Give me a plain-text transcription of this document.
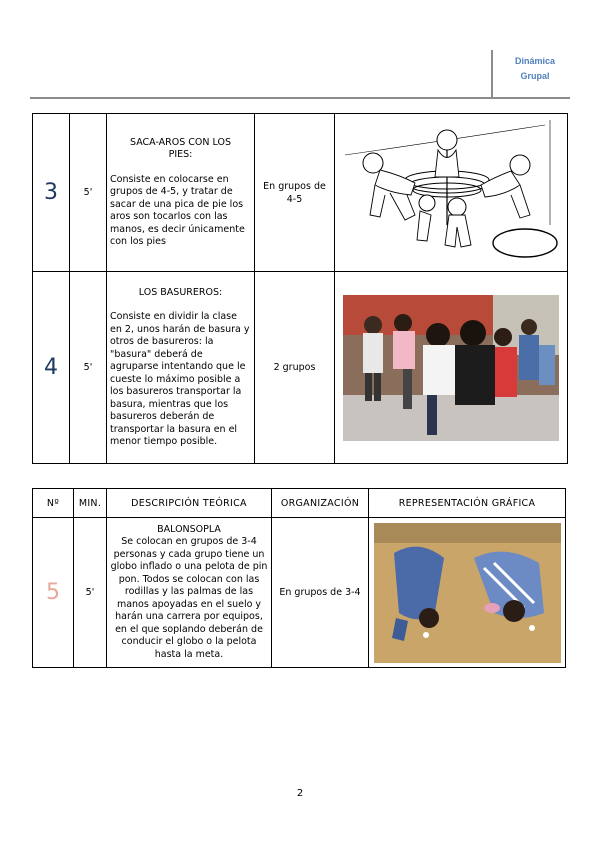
Dinámica
Grupal
3	5'	SACA-AROS CON LOS PIES:
Consiste en colocarse en grupos de 4-5, y tratar de sacar de una pica de pie los aros son tocarlos con las manos, es decir únicamente con los pies	En grupos de 4-5	

4	5'	LOS BASUREROS:
Consiste en dividir la clase en 2, unos harán de basura y otros de basureros: la "basura" deberá de agruparse intentando que le cueste lo máximo posible a los basureros transportar la basura, mientras que los basureros deberán de transportar la basura en el menor tiempo posible.	2 grupos	
Nº	MIN.	DESCRIPCIÓN TEÓRICA	ORGANIZACIÓN	REPRESENTACIÓN GRÁFICA
5	5'	BALONSOPLA
Se colocan en grupos de 3-4 personas y cada grupo tiene un globo inflado o una pelota de pin pon. Todos se colocan con las rodillas y las palmas de las manos apoyadas en el suelo y harán una carrera por equipos, en el que soplando deberán de conducir el globo o la pelota hasta la meta.	En grupos de 3-4	
2
